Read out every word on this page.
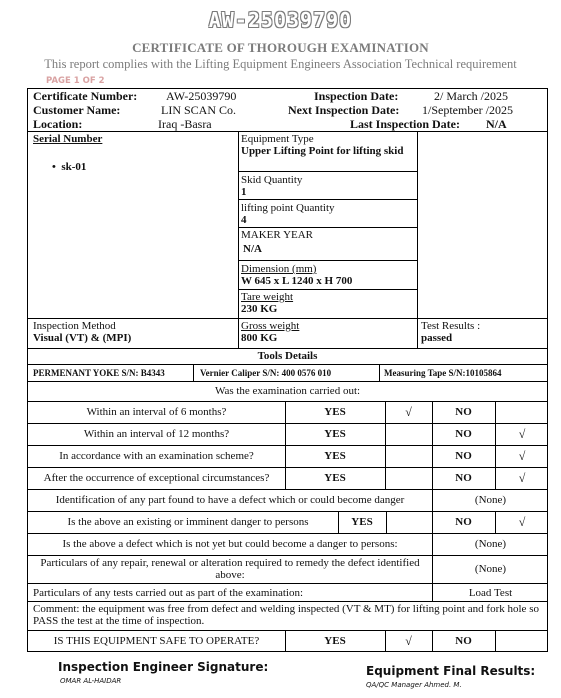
AW-25039790
CERTIFICATE OF THOROUGH EXAMINATION
This report complies with the Lifting Equipment Engineers Association Technical requirement
PAGE 1 OF 2
Certificate Number: AW-25039790	Inspection Date:	2/ March /2025
Customer Name:	LIN SCAN Co.	Next Inspection Date: 1/September /2025
Location:	Iraq -Basra	Last Inspection Date: N/A
Serial Number
•  sk-01
Equipment Type
Upper Lifting Point for lifting skid
Skid Quantity
1
lifting point Quantity
4
MAKER YEAR
N/A
Dimension (mm)
W 645 x L 1240 x H 700
Tare weight
230 KG
Inspection Method
Visual (VT) & (MPI)
Gross weight
800 KG
Test Results :
passed
Tools Details
PERMENANT YOKE S/N: B4343	Vernier Caliper S/N: 400 0576 010	Measuring Tape S/N:10105864
Was the examination carried out:
Within an interval of 6 months?	YES	√	NO
Within an interval of 12 months?	YES	NO	√
In accordance with an examination scheme?	YES	NO	√
After the occurrence of exceptional circumstances?	YES	NO	√
Identification of any part found to have a defect which or could become danger	(None)
Is the above an existing or imminent danger to persons	YES	NO	√
Is the above a defect which is not yet but could become a danger to persons:	(None)
Particulars of any repair, renewal or alteration required to remedy the defect identified above:	(None)
Particulars of any tests carried out as part of the examination:	Load Test
Comment: the equipment was free from defect and welding inspected (VT & MT) for lifting point and fork hole so PASS the test at the time of inspection.
IS THIS EQUIPMENT SAFE TO OPERATE?	YES	√	NO
Inspection Engineer Signature:
OMAR AL-HAIDAR
Equipment Final Results:
QA/QC Manager Ahmed. M.
